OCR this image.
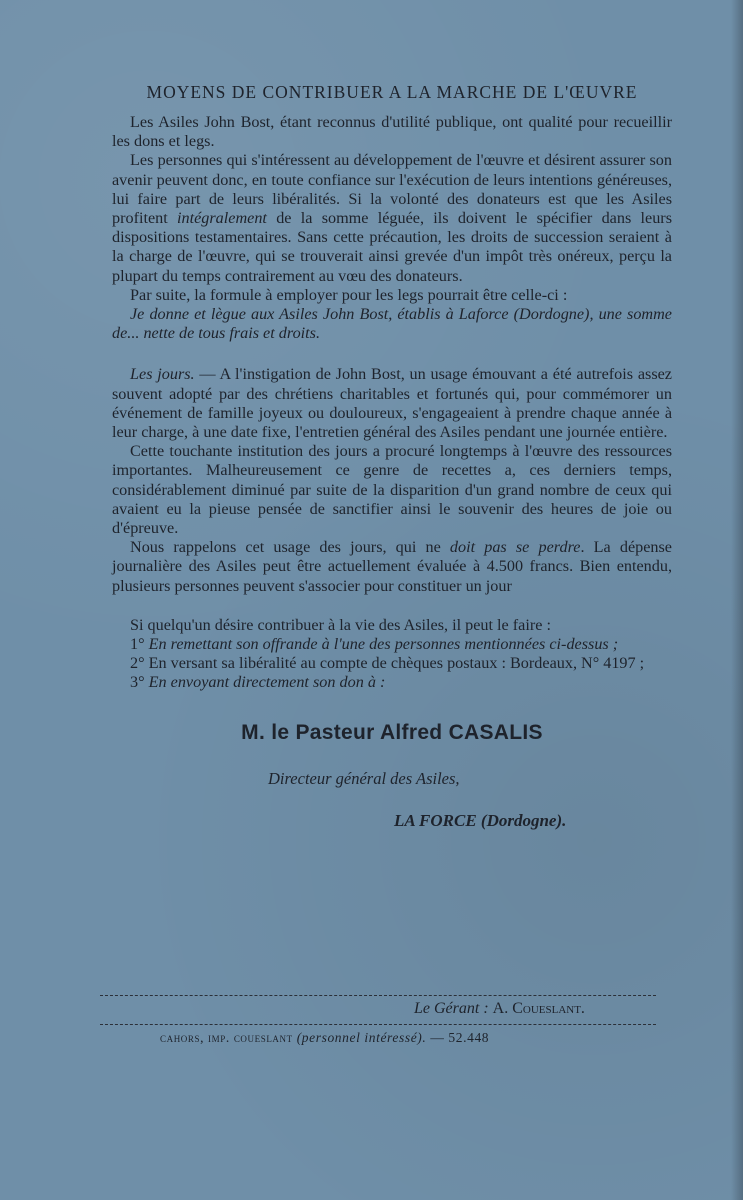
MOYENS DE CONTRIBUER A LA MARCHE DE L'ŒUVRE

Les Asiles John Bost, étant reconnus d'utilité publique, ont qualité pour recueillir les dons et legs.

Les personnes qui s'intéressent au développement de l'œuvre et désirent assurer son avenir peuvent donc, en toute confiance sur l'exécution de leurs intentions généreuses, lui faire part de leurs libéralités. Si la volonté des donateurs est que les Asiles profitent intégralement de la somme léguée, ils doivent le spécifier dans leurs dispositions testamentaires. Sans cette précaution, les droits de succession seraient à la charge de l'œuvre, qui se trouverait ainsi grevée d'un impôt très onéreux, perçu la plupart du temps contrairement au vœu des donateurs.

Par suite, la formule à employer pour les legs pourrait être celle-ci :

Je donne et lègue aux Asiles John Bost, établis à Laforce (Dordogne), une somme de... nette de tous frais et droits.

Les jours. — A l'instigation de John Bost, un usage émouvant a été autrefois assez souvent adopté par des chrétiens charitables et fortunés qui, pour commémorer un événement de famille joyeux ou douloureux, s'engageaient à prendre chaque année à leur charge, à une date fixe, l'entretien général des Asiles pendant une journée entière.

Cette touchante institution des jours a procuré longtemps à l'œuvre des ressources importantes. Malheureusement ce genre de recettes a, ces derniers temps, considérablement diminué par suite de la disparition d'un grand nombre de ceux qui avaient eu la pieuse pensée de sanctifier ainsi le souvenir des heures de joie ou d'épreuve.

Nous rappelons cet usage des jours, qui ne doit pas se perdre. La dépense journalière des Asiles peut être actuellement évaluée à 4.500 francs. Bien entendu, plusieurs personnes peuvent s'associer pour constituer un jour

Si quelqu'un désire contribuer à la vie des Asiles, il peut le faire :

1° En remettant son offrande à l'une des personnes mentionnées ci-dessus ;

2° En versant sa libéralité au compte de chèques postaux : Bordeaux, N° 4197 ;

3° En envoyant directement son don à :

M. le Pasteur Alfred CASALIS
Directeur général des Asiles,
LA FORCE (Dordogne).
Le Gérant : A. Coueslant.
cahors, imp. coueslant (personnel intéressé). — 52.448
